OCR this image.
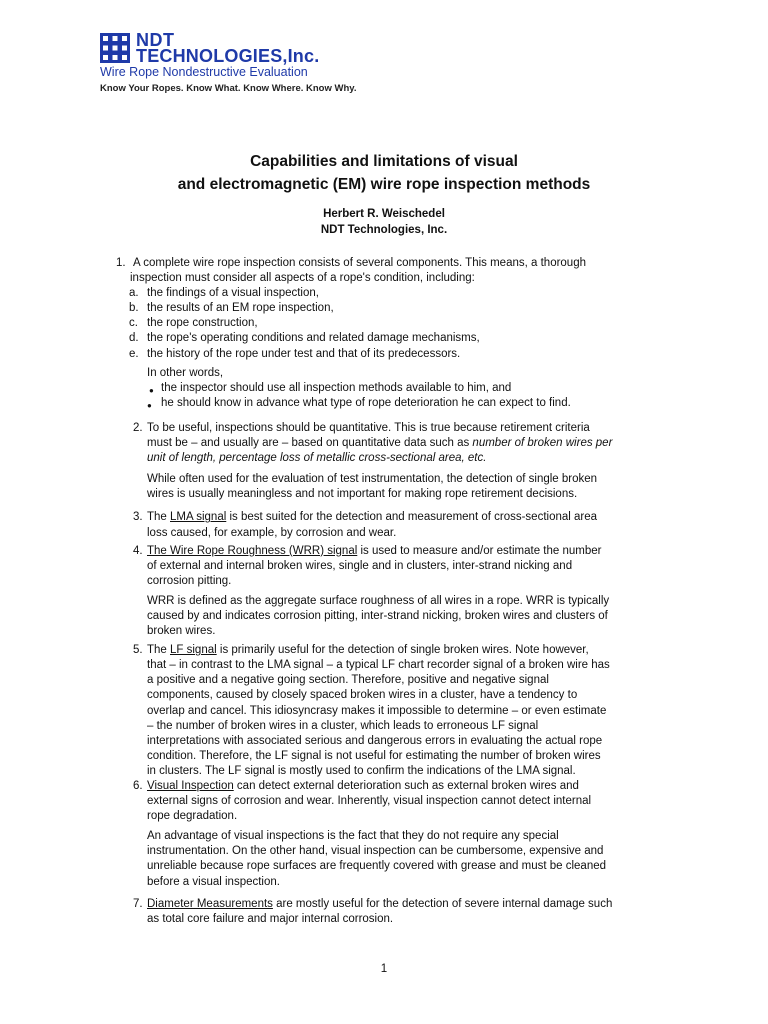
NDT
TECHNOLOGIES,Inc.
Wire Rope Nondestructive Evaluation
Know Your Ropes. Know What. Know Where. Know Why.
Capabilities and limitations of visual
and electromagnetic (EM) wire rope inspection methods
Herbert R. Weischedel
NDT Technologies, Inc.
1. A complete wire rope inspection consists of several components. This means, a thorough
inspection must consider all aspects of a rope's condition, including:
a. the findings of a visual inspection,
b. the results of an EM rope inspection,
c. the rope construction,
d. the rope's operating conditions and related damage mechanisms,
e. the history of the rope under test and that of its predecessors.
In other words,
● the inspector should use all inspection methods available to him, and
● he should know in advance what type of rope deterioration he can expect to find.
2. To be useful, inspections should be quantitative. This is true because retirement criteria
must be – and usually are – based on quantitative data such as number of broken wires per
unit of length, percentage loss of metallic cross-sectional area, etc.
While often used for the evaluation of test instrumentation, the detection of single broken
wires is usually meaningless and not important for making rope retirement decisions.
3. The LMA signal is best suited for the detection and measurement of cross-sectional area
loss caused, for example, by corrosion and wear.
4. The Wire Rope Roughness (WRR) signal is used to measure and/or estimate the number
of external and internal broken wires, single and in clusters, inter-strand nicking and
corrosion pitting.
WRR is defined as the aggregate surface roughness of all wires in a rope. WRR is typically
caused by and indicates corrosion pitting, inter-strand nicking, broken wires and clusters of
broken wires.
5. The LF signal is primarily useful for the detection of single broken wires. Note however,
that – in contrast to the LMA signal – a typical LF chart recorder signal of a broken wire has
a positive and a negative going section. Therefore, positive and negative signal
components, caused by closely spaced broken wires in a cluster, have a tendency to
overlap and cancel. This idiosyncrasy makes it impossible to determine – or even estimate
– the number of broken wires in a cluster, which leads to erroneous LF signal
interpretations with associated serious and dangerous errors in evaluating the actual rope
condition. Therefore, the LF signal is not useful for estimating the number of broken wires
in clusters. The LF signal is mostly used to confirm the indications of the LMA signal.
6. Visual Inspection can detect external deterioration such as external broken wires and
external signs of corrosion and wear. Inherently, visual inspection cannot detect internal
rope degradation.
An advantage of visual inspections is the fact that they do not require any special
instrumentation. On the other hand, visual inspection can be cumbersome, expensive and
unreliable because rope surfaces are frequently covered with grease and must be cleaned
before a visual inspection.
7. Diameter Measurements are mostly useful for the detection of severe internal damage such
as total core failure and major internal corrosion.
1
